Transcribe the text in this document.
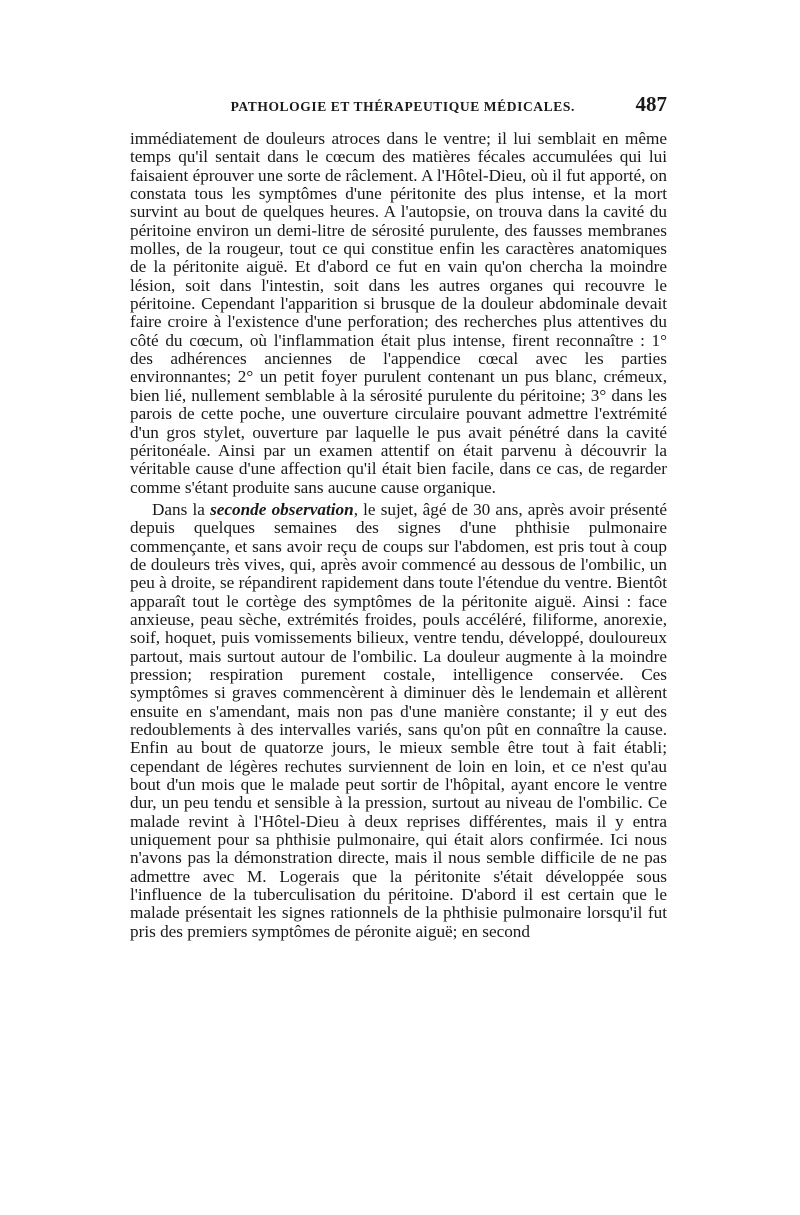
PATHOLOGIE ET THÉRAPEUTIQUE MÉDICALES.	487

immédiatement de douleurs atroces dans le ventre; il lui semblait en même temps qu'il sentait dans le cœcum des matières fécales accumulées qui lui faisaient éprouver une sorte de râclement. A l'Hôtel-Dieu, où il fut apporté, on constata tous les symptômes d'une péritonite des plus intense, et la mort survint au bout de quelques heures. A l'autopsie, on trouva dans la cavité du péritoine environ un demi-litre de sérosité purulente, des fausses membranes molles, de la rougeur, tout ce qui constitue enfin les caractères anatomiques de la péritonite aiguë. Et d'abord ce fut en vain qu'on chercha la moindre lésion, soit dans l'intestin, soit dans les autres organes qui recouvre le péritoine. Cependant l'apparition si brusque de la douleur abdominale devait faire croire à l'existence d'une perforation; des recherches plus attentives du côté du cœcum, où l'inflammation était plus intense, firent reconnaître : 1° des adhérences anciennes de l'appendice cœcal avec les parties environnantes; 2° un petit foyer purulent contenant un pus blanc, crémeux, bien lié, nullement semblable à la sérosité purulente du péritoine; 3° dans les parois de cette poche, une ouverture circulaire pouvant admettre l'extrémité d'un gros stylet, ouverture par laquelle le pus avait pénétré dans la cavité péritonéale. Ainsi par un examen attentif on était parvenu à découvrir la véritable cause d'une affection qu'il était bien facile, dans ce cas, de regarder comme s'étant produite sans aucune cause organique.

Dans la seconde observation, le sujet, âgé de 30 ans, après avoir présenté depuis quelques semaines des signes d'une phthisie pulmonaire commençante, et sans avoir reçu de coups sur l'abdomen, est pris tout à coup de douleurs très vives, qui, après avoir commencé au dessous de l'ombilic, un peu à droite, se répandirent rapidement dans toute l'étendue du ventre. Bientôt apparaît tout le cortège des symptômes de la péritonite aiguë. Ainsi : face anxieuse, peau sèche, extrémités froides, pouls accéléré, filiforme, anorexie, soif, hoquet, puis vomissements bilieux, ventre tendu, développé, douloureux partout, mais surtout autour de l'ombilic. La douleur augmente à la moindre pression; respiration purement costale, intelligence conservée. Ces symptômes si graves commencèrent à diminuer dès le lendemain et allèrent ensuite en s'amendant, mais non pas d'une manière constante; il y eut des redoublements à des intervalles variés, sans qu'on pût en connaître la cause. Enfin au bout de quatorze jours, le mieux semble être tout à fait établi; cependant de légères rechutes surviennent de loin en loin, et ce n'est qu'au bout d'un mois que le malade peut sortir de l'hôpital, ayant encore le ventre dur, un peu tendu et sensible à la pression, surtout au niveau de l'ombilic. Ce malade revint à l'Hôtel-Dieu à deux reprises différentes, mais il y entra uniquement pour sa phthisie pulmonaire, qui était alors confirmée. Ici nous n'avons pas la démonstration directe, mais il nous semble difficile de ne pas admettre avec M. Logerais que la péritonite s'était développée sous l'influence de la tuberculisation du péritoine. D'abord il est certain que le malade présentait les signes rationnels de la phthisie pulmonaire lorsqu'il fut pris des premiers symptômes de péronite aiguë; en second
